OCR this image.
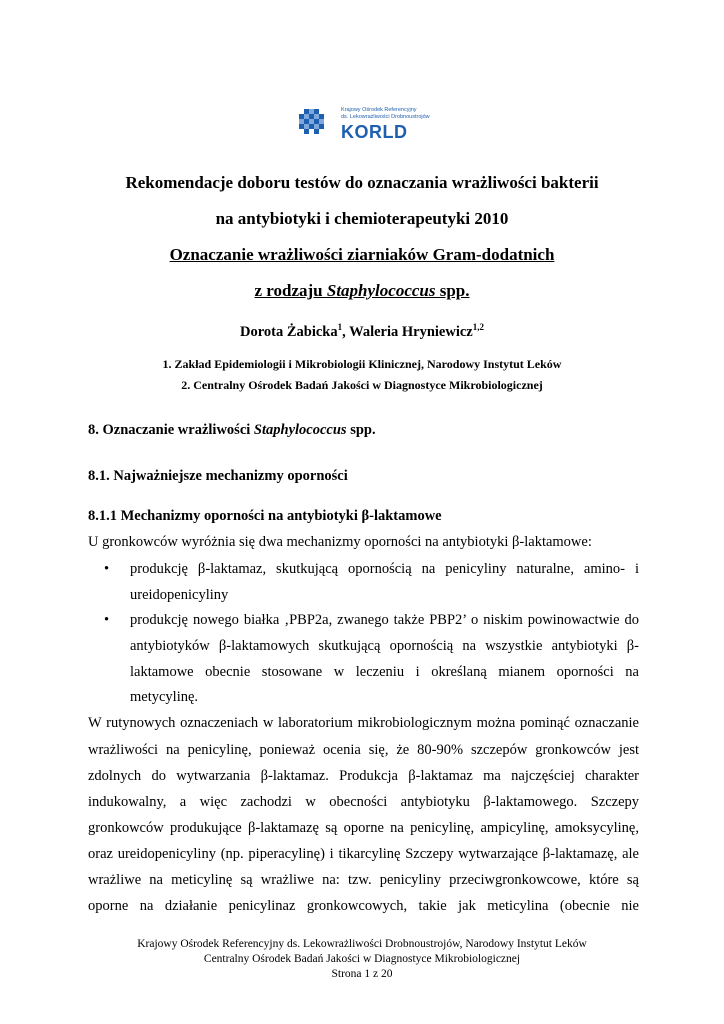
Krajowy Ośrodek Referencyjny
ds. Lekowrażliwości Drobnoustrojów
KORLD
Rekomendacje doboru testów do oznaczania wrażliwości bakterii
na antybiotyki i chemioterapeutyki 2010
Oznaczanie wrażliwości ziarniaków Gram-dodatnich
z rodzaju Staphylococcus spp.
Dorota Żabicka$^1$, Waleria Hryniewicz$^{1,2}$
1. Zakład Epidemiologii i Mikrobiologii Klinicznej, Narodowy Instytut Leków
2. Centralny Ośrodek Badań Jakości w Diagnostyce Mikrobiologicznej
8. Oznaczanie wrażliwości Staphylococcus spp.
8.1. Najważniejsze mechanizmy oporności
8.1.1 Mechanizmy oporności na antybiotyki β-laktamowe
U gronkowców wyróżnia się dwa mechanizmy oporności na antybiotyki β-laktamowe:
• produkcję β-laktamaz, skutkującą opornością na penicyliny naturalne, amino- i
ureidopenicyliny
• produkcję nowego białka ‚PBP2a, zwanego także PBP2’ o niskim powinowactwie do
antybiotyków β-laktamowych skutkującą opornością na wszystkie antybiotyki β-
laktamowe obecnie stosowane w leczeniu i określaną mianem oporności na
metycylinę.
W rutynowych oznaczeniach w laboratorium mikrobiologicznym można pominąć oznaczanie
wrażliwości na penicylinę, ponieważ ocenia się, że 80-90% szczepów gronkowców jest
zdolnych do wytwarzania β-laktamaz. Produkcja β-laktamaz ma najczęściej charakter
indukowalny, a więc zachodzi w obecności antybiotyku β-laktamowego. Szczepy
gronkowców produkujące β-laktamazę są oporne na penicylinę, ampicylinę, amoksycylinę,
oraz ureidopenicyliny (np. piperacylinę) i tikarcylinę Szczepy wytwarzające β-laktamazę, ale
wrażliwe na meticylinę są wrażliwe na: tzw. penicyliny przeciwgronkowcowe, które są
oporne na działanie penicylinaz gronkowcowych, takie jak meticylina (obecnie nie
Krajowy Ośrodek Referencyjny ds. Lekowrażliwości Drobnoustrojów, Narodowy Instytut Leków
Centralny Ośrodek Badań Jakości w Diagnostyce Mikrobiologicznej
Strona 1 z 20
